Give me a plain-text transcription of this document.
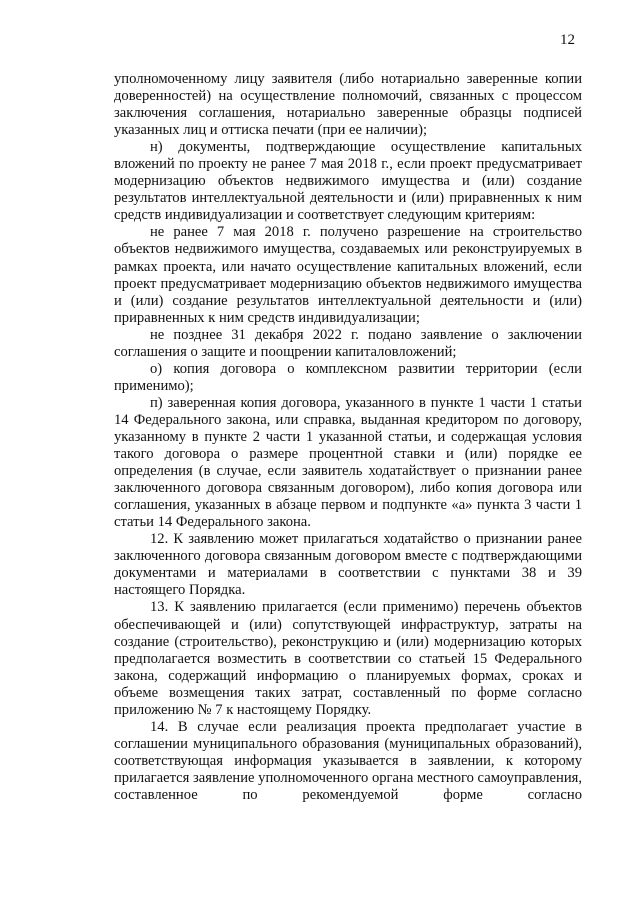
12

уполномоченному лицу заявителя (либо нотариально заверенные копии доверенностей) на осуществление полномочий, связанных с процессом заключения соглашения, нотариально заверенные образцы подписей указанных лиц и оттиска печати (при ее наличии);

н) документы, подтверждающие осуществление капитальных вложений по проекту не ранее 7 мая 2018 г., если проект предусматривает модернизацию объектов недвижимого имущества и (или) создание результатов интеллектуальной деятельности и (или) приравненных к ним средств индивидуализации и соответствует следующим критериям:

не ранее 7 мая 2018 г. получено разрешение на строительство объектов недвижимого имущества, создаваемых или реконструируемых в рамках проекта, или начато осуществление капитальных вложений, если проект предусматривает модернизацию объектов недвижимого имущества и (или) создание результатов интеллектуальной деятельности и (или) приравненных к ним средств индивидуализации;

не позднее 31 декабря 2022 г. подано заявление о заключении соглашения о защите и поощрении капиталовложений;

о) копия договора о комплексном развитии территории (если применимо);

п) заверенная копия договора, указанного в пункте 1 части 1 статьи 14 Федерального закона, или справка, выданная кредитором по договору, указанному в пункте 2 части 1 указанной статьи, и содержащая условия такого договора о размере процентной ставки и (или) порядке ее определения (в случае, если заявитель ходатайствует о признании ранее заключенного договора связанным договором), либо копия договора или соглашения, указанных в абзаце первом и подпункте «а» пункта 3 части 1 статьи 14 Федерального закона.

12. К заявлению может прилагаться ходатайство о признании ранее заключенного договора связанным договором вместе с подтверждающими документами и материалами в соответствии с пунктами 38 и 39 настоящего Порядка.

13. К заявлению прилагается (если применимо) перечень объектов обеспечивающей и (или) сопутствующей инфраструктур, затраты на создание (строительство), реконструкцию и (или) модернизацию которых предполагается возместить в соответствии со статьей 15 Федерального закона, содержащий информацию о планируемых формах, сроках и объеме возмещения таких затрат, составленный по форме согласно приложению № 7 к настоящему Порядку.

14. В случае если реализация проекта предполагает участие в соглашении муниципального образования (муниципальных образований), соответствующая информация указывается в заявлении, к которому прилагается заявление уполномоченного органа местного самоуправления, составленное по рекомендуемой форме согласно
